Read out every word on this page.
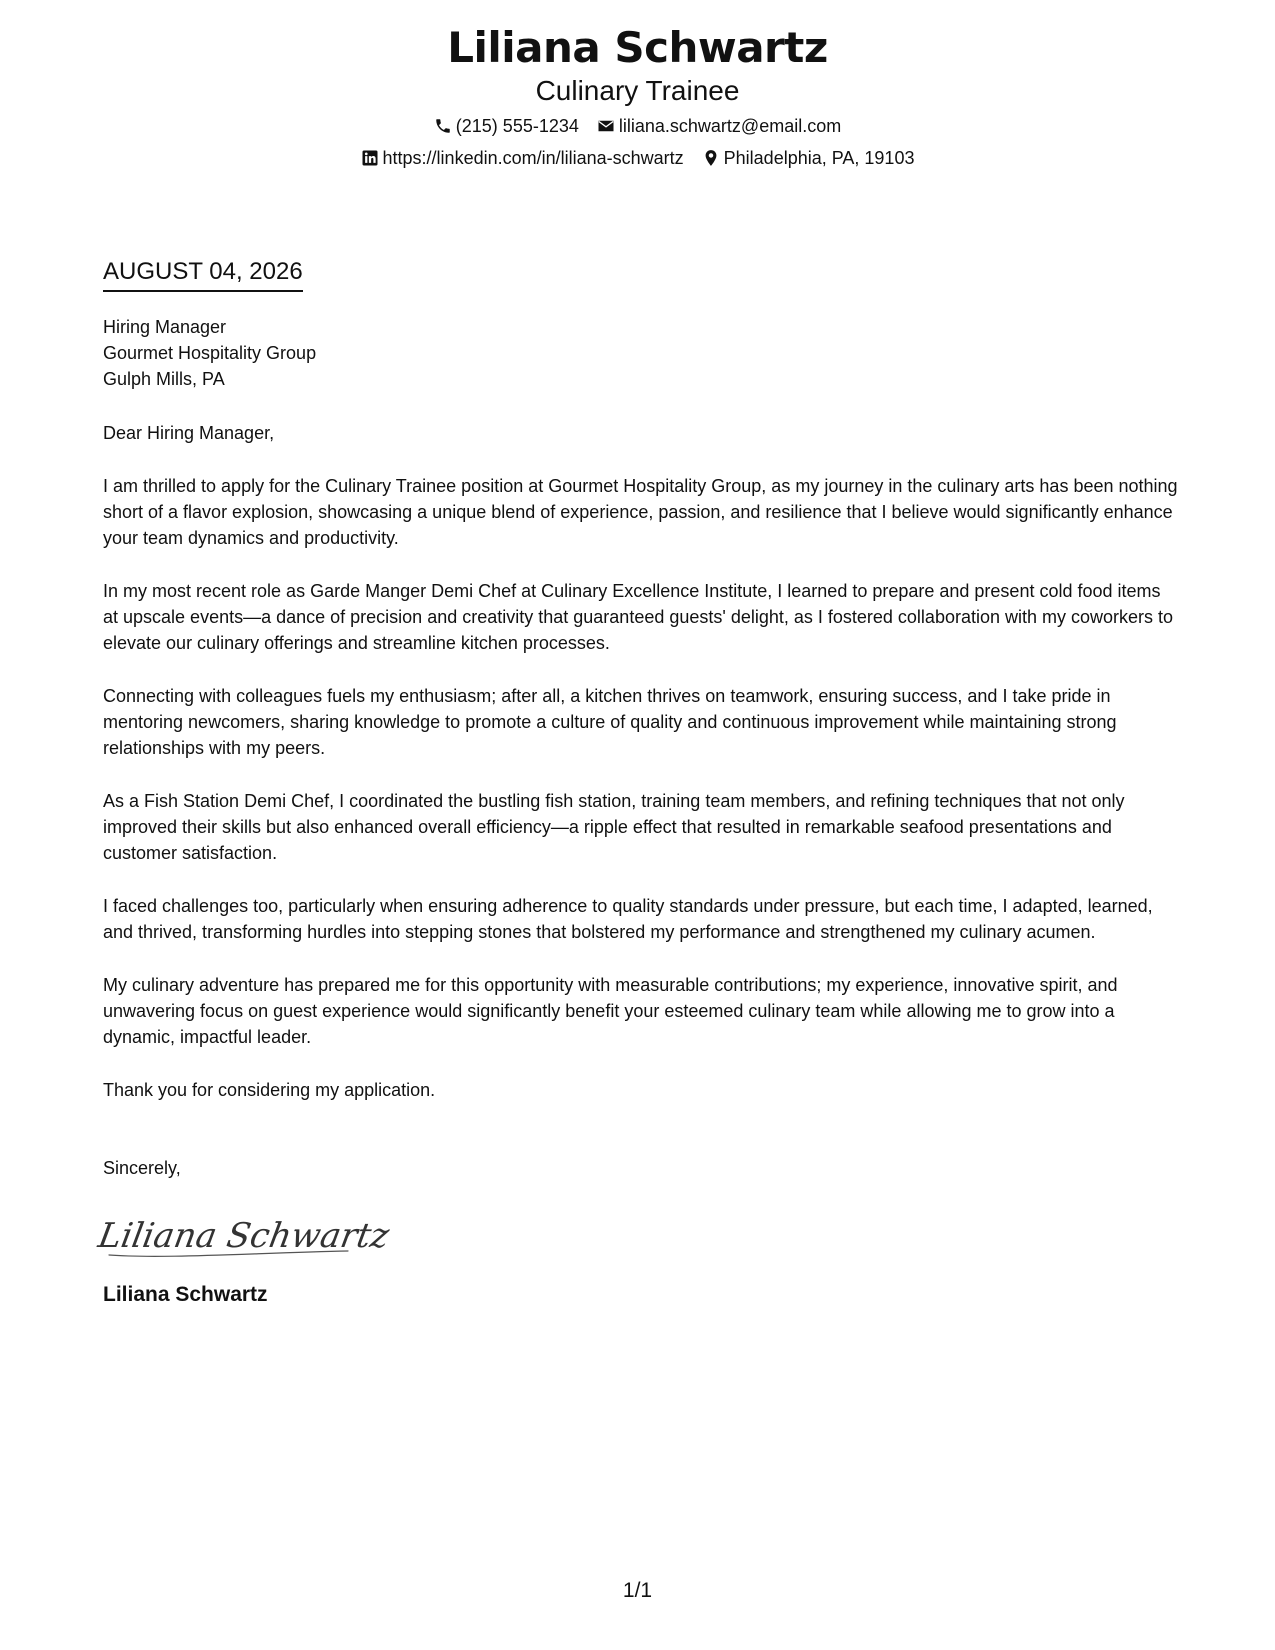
Liliana Schwartz
Culinary Trainee
(215) 555-1234 liliana.schwartz@email.com
https://linkedin.com/in/liliana-schwartz Philadelphia, PA, 19103
AUGUST 04, 2026
Hiring Manager
Gourmet Hospitality Group
Gulph Mills, PA
Dear Hiring Manager,
I am thrilled to apply for the Culinary Trainee position at Gourmet Hospitality Group, as my journey in the culinary arts has been nothing short of a flavor explosion, showcasing a unique blend of experience, passion, and resilience that I believe would significantly enhance your team dynamics and productivity.
In my most recent role as Garde Manger Demi Chef at Culinary Excellence Institute, I learned to prepare and present cold food items at upscale events—a dance of precision and creativity that guaranteed guests' delight, as I fostered collaboration with my coworkers to elevate our culinary offerings and streamline kitchen processes.
Connecting with colleagues fuels my enthusiasm; after all, a kitchen thrives on teamwork, ensuring success, and I take pride in mentoring newcomers, sharing knowledge to promote a culture of quality and continuous improvement while maintaining strong relationships with my peers.
As a Fish Station Demi Chef, I coordinated the bustling fish station, training team members, and refining techniques that not only improved their skills but also enhanced overall efficiency—a ripple effect that resulted in remarkable seafood presentations and customer satisfaction.
I faced challenges too, particularly when ensuring adherence to quality standards under pressure, but each time, I adapted, learned, and thrived, transforming hurdles into stepping stones that bolstered my performance and strengthened my culinary acumen.
My culinary adventure has prepared me for this opportunity with measurable contributions; my experience, innovative spirit, and unwavering focus on guest experience would significantly benefit your esteemed culinary team while allowing me to grow into a dynamic, impactful leader.
Thank you for considering my application.
Sincerely,
Liliana Schwartz
Liliana Schwartz
1/1
